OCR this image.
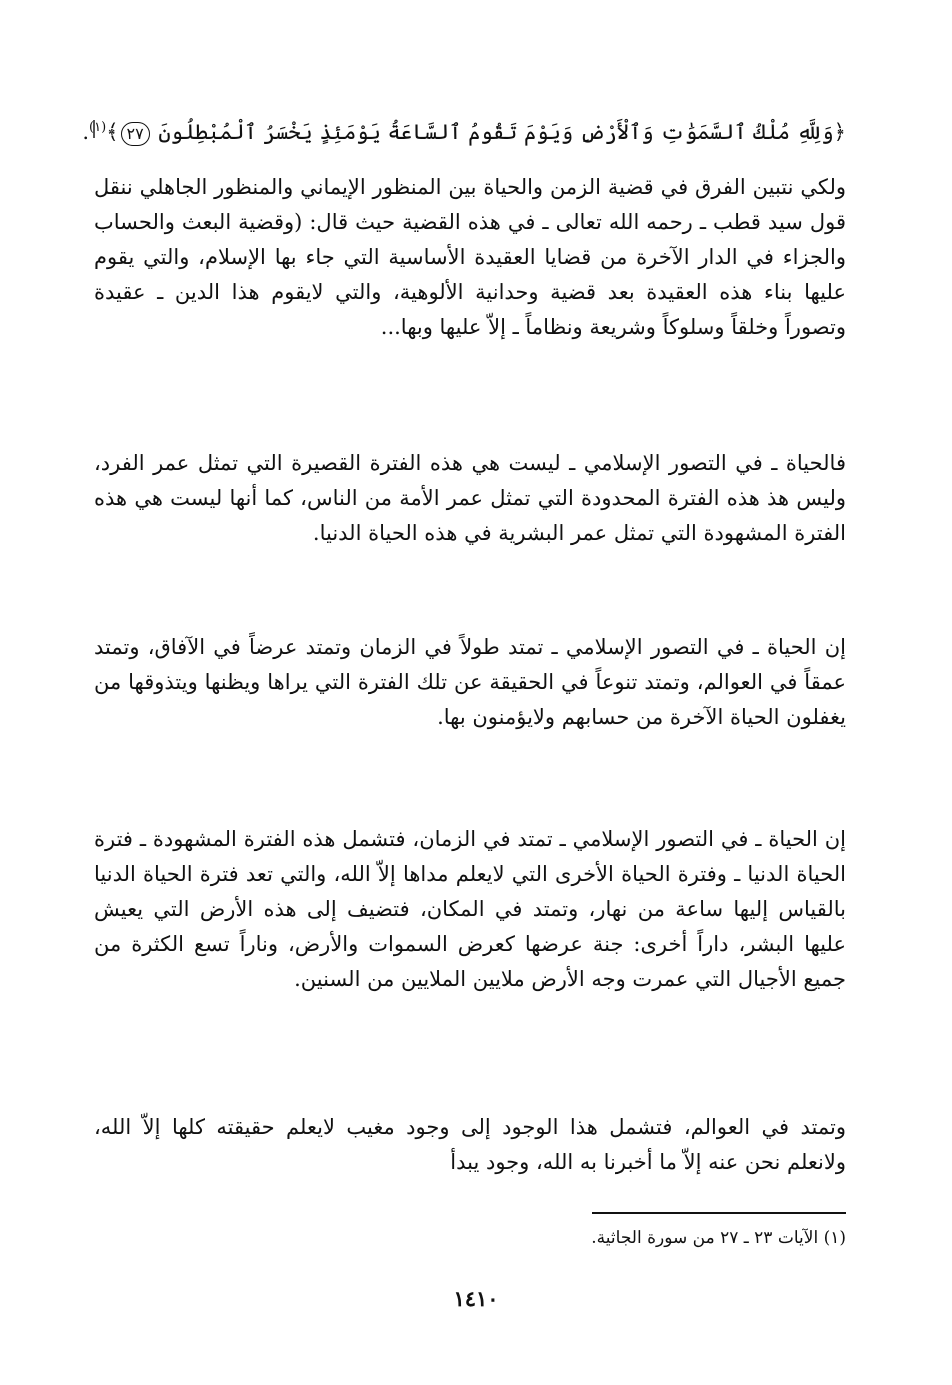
﴿وَلِلَّهِ مُلْكُ ٱلسَّمَوَٰتِ وَٱلْأَرْضِ وَيَوْمَ تَقُومُ ٱلسَّاعَةُ يَوْمَئِذٍ يَخْسَرُ ٱلْمُبْطِلُونَ ٢٧﴾$^{(١)}$.

ولكي نتبين الفرق في قضية الزمن والحياة بين المنظور الإيماني والمنظور الجاهلي ننقل قول سيد قطب ـ رحمه الله تعالى ـ في هذه القضية حيث قال: (وقضية البعث والحساب والجزاء في الدار الآخرة من قضايا العقيدة الأساسية التي جاء بها الإسلام، والتي يقوم عليها بناء هذه العقيدة بعد قضية وحدانية الألوهية، والتي لايقوم هذا الدين ـ عقيدة وتصوراً وخلقاً وسلوكاً وشريعة ونظاماً ـ إلاّ عليها وبها...

فالحياة ـ في التصور الإسلامي ـ ليست هي هذه الفترة القصيرة التي تمثل عمر الفرد، وليس هذ هذه الفترة المحدودة التي تمثل عمر الأمة من الناس، كما أنها ليست هي هذه الفترة المشهودة التي تمثل عمر البشرية في هذه الحياة الدنيا.

إن الحياة ـ في التصور الإسلامي ـ تمتد طولاً في الزمان وتمتد عرضاً في الآفاق، وتمتد عمقاً في العوالم، وتمتد تنوعاً في الحقيقة عن تلك الفترة التي يراها ويظنها ويتذوقها من يغفلون الحياة الآخرة من حسابهم ولايؤمنون بها.

إن الحياة ـ في التصور الإسلامي ـ تمتد في الزمان، فتشمل هذه الفترة المشهودة ـ فترة الحياة الدنيا ـ وفترة الحياة الأخرى التي لايعلم مداها إلاّ الله، والتي تعد فترة الحياة الدنيا بالقياس إليها ساعة من نهار، وتمتد في المكان، فتضيف إلى هذه الأرض التي يعيش عليها البشر، داراً أخرى: جنة عرضها كعرض السموات والأرض، وناراً تسع الكثرة من جميع الأجيال التي عمرت وجه الأرض ملايين الملايين من السنين.

وتمتد في العوالم، فتشمل هذا الوجود إلى وجود مغيب لايعلم حقيقته كلها إلاّ الله، ولانعلم نحن عنه إلاّ ما أخبرنا به الله، وجود يبدأ

(١) الآيات ٢٣ ـ ٢٧ من سورة الجاثية.
١٤١٠
